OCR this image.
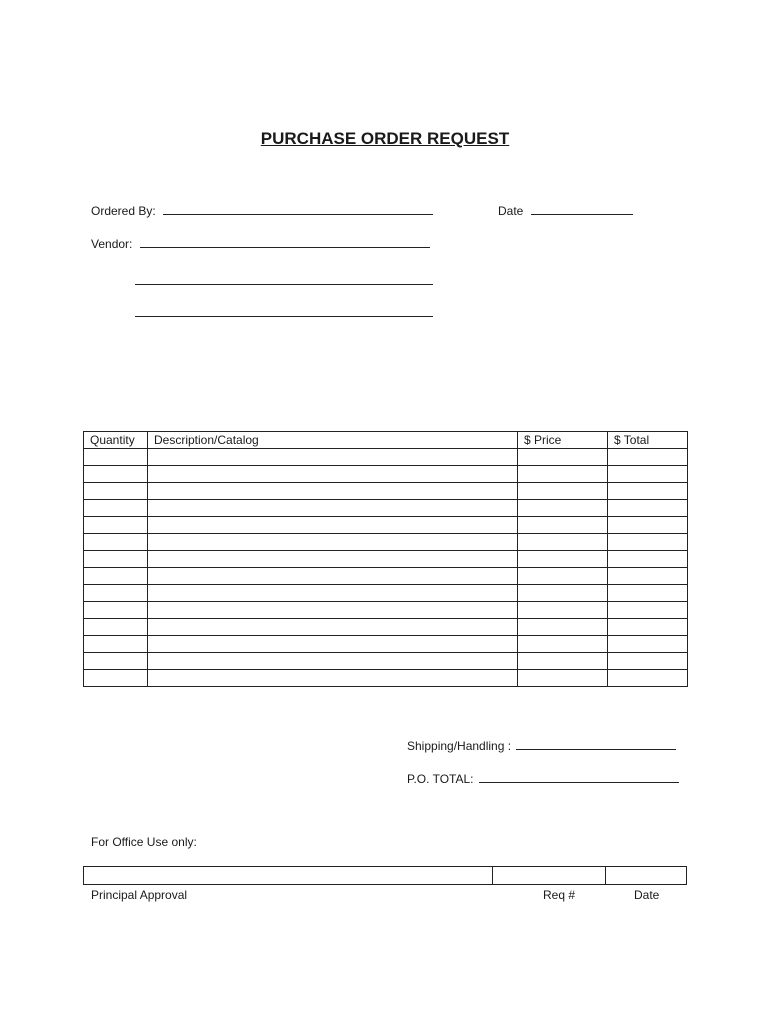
PURCHASE ORDER REQUEST
Ordered By:	Date
Vendor:
Quantity	Description/Catalog	$ Price	$ Total

Shipping/Handling :
P.O. TOTAL:
For Office Use only:
Principal Approval	Req #	Date
